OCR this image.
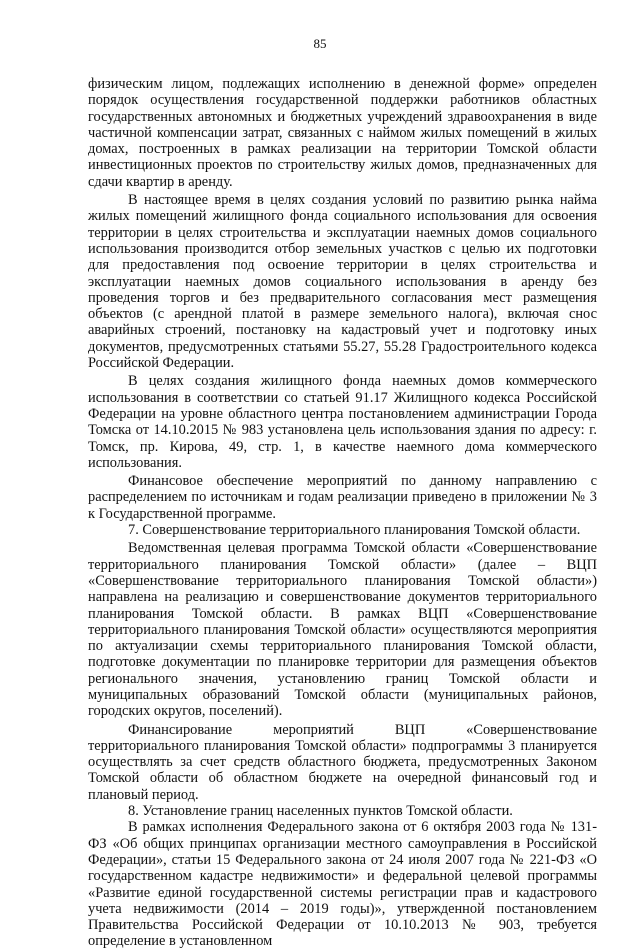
85

физическим лицом, подлежащих исполнению в денежной форме» определен порядок осуществления государственной поддержки работников областных государственных автономных и бюджетных учреждений здравоохранения в виде частичной компенсации затрат, связанных с наймом жилых помещений в жилых домах, построенных в рамках реализации на территории Томской области инвестиционных проектов по строительству жилых домов, предназначенных для сдачи квартир в аренду.

В настоящее время в целях создания условий по развитию рынка найма жилых помещений жилищного фонда социального использования для освоения территории в целях строительства и эксплуатации наемных домов социального использования производится отбор земельных участков с целью их подготовки для предоставления под освоение территории в целях строительства и эксплуатации наемных домов социального использования в аренду без проведения торгов и без предварительного согласования мест размещения объектов (с арендной платой в размере земельного налога), включая снос аварийных строений, постановку на кадастровый учет и подготовку иных документов, предусмотренных статьями 55.27, 55.28 Градостроительного кодекса Российской Федерации.

В целях создания жилищного фонда наемных домов коммерческого использования в соответствии со статьей 91.17 Жилищного кодекса Российской Федерации на уровне областного центра постановлением администрации Города Томска от 14.10.2015 № 983 установлена цель использования здания по адресу: г. Томск, пр. Кирова, 49, стр. 1, в качестве наемного дома коммерческого использования.

Финансовое обеспечение мероприятий по данному направлению с распределением по источникам и годам реализации приведено в приложении № 3 к Государственной программе.

7. Совершенствование территориального планирования Томской области.

Ведомственная целевая программа Томской области «Совершенствование территориального планирования Томской области» (далее – ВЦП «Совершенствование территориального планирования Томской области») направлена на реализацию и совершенствование документов территориального планирования Томской области. В рамках ВЦП «Совершенствование территориального планирования Томской области» осуществляются мероприятия по актуализации схемы территориального планирования Томской области, подготовке документации по планировке территории для размещения объектов регионального значения, установлению границ Томской области и муниципальных образований Томской области (муниципальных районов, городских округов, поселений).

Финансирование мероприятий ВЦП «Совершенствование территориального планирования Томской области» подпрограммы 3 планируется осуществлять за счет средств областного бюджета, предусмотренных Законом Томской области об областном бюджете на очередной финансовый год и плановый период.

8. Установление границ населенных пунктов Томской области.

В рамках исполнения Федерального закона от 6 октября 2003 года № 131-ФЗ «Об общих принципах организации местного самоуправления в Российской Федерации», статьи 15 Федерального закона от 24 июля 2007 года № 221-ФЗ «О государственном кадастре недвижимости» и федеральной целевой программы «Развитие единой государственной системы регистрации прав и кадастрового учета недвижимости (2014 – 2019 годы)», утвержденной постановлением Правительства Российской Федерации от 10.10.2013 № 903, требуется определение в установленном
